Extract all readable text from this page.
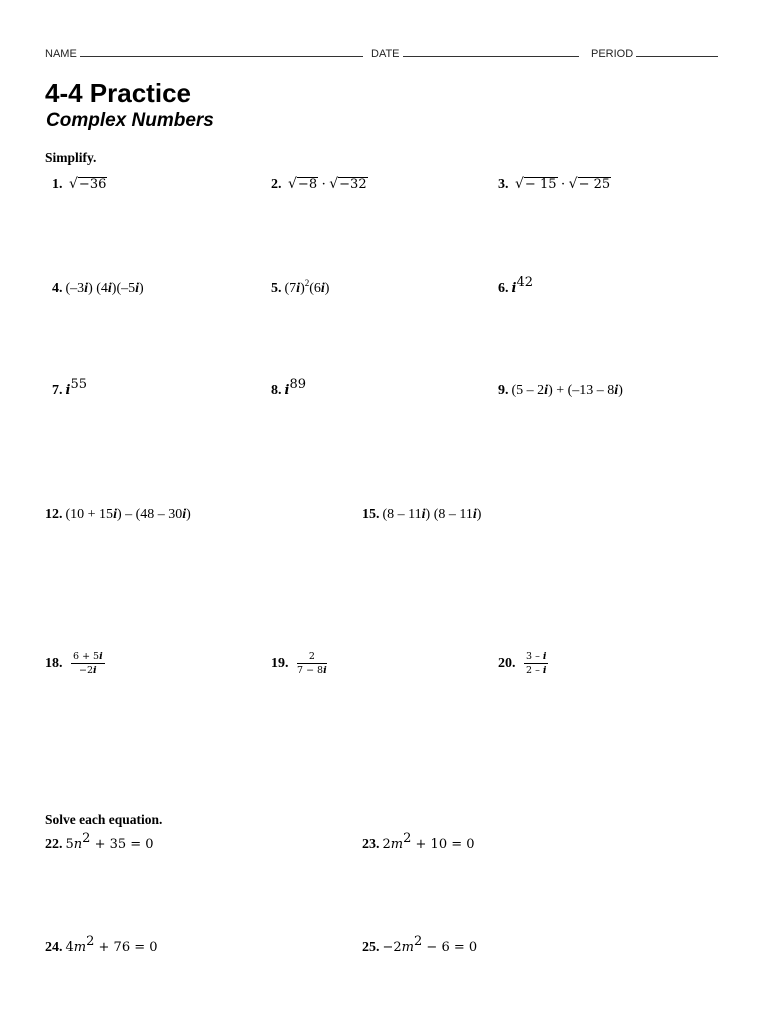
NAME	DATE	PERIOD
4-4 Practice
Complex Numbers

Simplify.

1. √−36	2. √−8 · √−32	3. √− 15 · √− 25
4. (–3i) (4i)(–5i)	5. $(7i)^2(6i)$	6. $i^{42}$
7. $i^{55}$	8. $i^{89}$	9. (5 – 2i) + (–13 – 8i)
12. (10 + 15i) – (48 – 30i)	15. (8 – 11i) (8 – 11i)
18. $\frac{6 + 5i}{-2i}$	19. $\frac{2}{7 - 8i}$	20. $\frac{3 - i}{2 - i}$

Solve each equation.

22. $5n^2 + 35 = 0$	23. $2m^2 + 10 = 0$
24. $4m^2 + 76 = 0$	25. $-2m^2 - 6 = 0$
